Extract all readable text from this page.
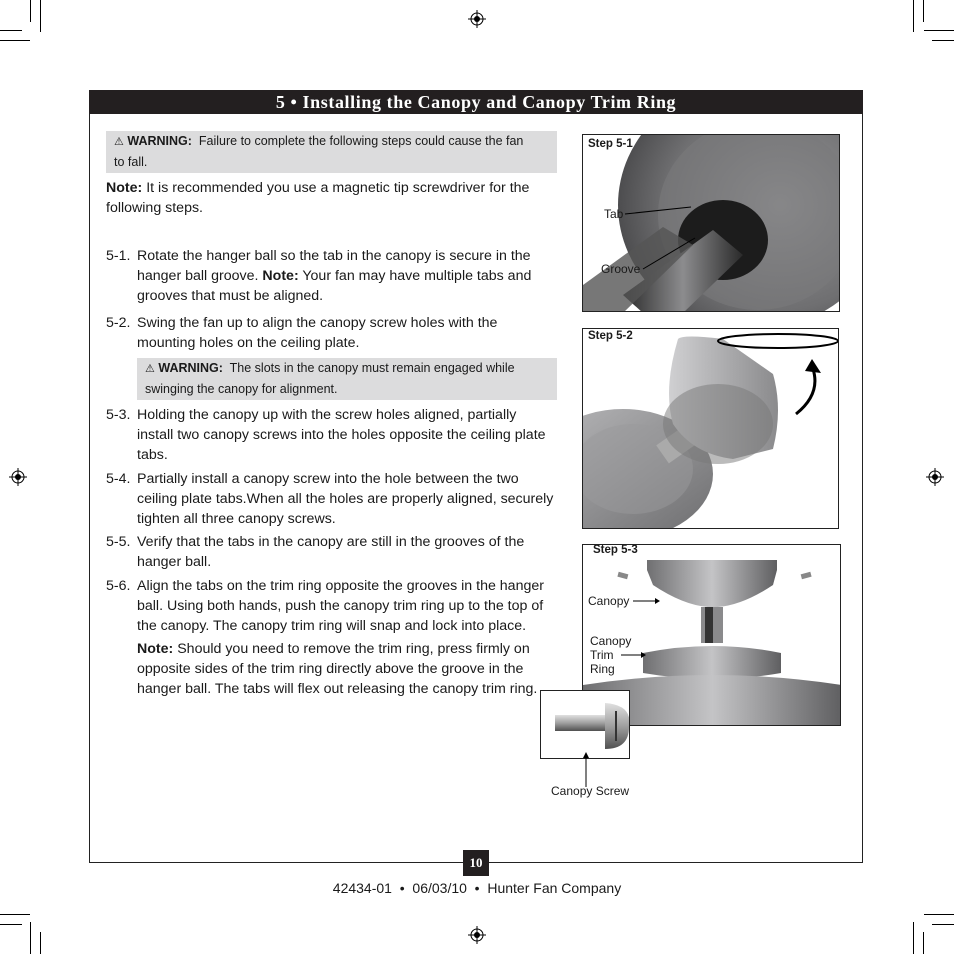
5 • Installing the Canopy and Canopy Trim Ring
⚠ WARNING: Failure to complete the following steps could cause the fan
to fall.
Note: It is recommended you use a magnetic tip screwdriver for the
following steps.
5-1. Rotate the hanger ball so the tab in the canopy is secure in the
hanger ball groove. Note: Your fan may have multiple tabs and
grooves that must be aligned.
5-2. Swing the fan up to align the canopy screw holes with the
mounting holes on the ceiling plate.
⚠ WARNING: The slots in the canopy must remain engaged while
swinging the canopy for alignment.
5-3. Holding the canopy up with the screw holes aligned, partially
install two canopy screws into the holes opposite the ceiling plate
tabs.
5-4. Partially install a canopy screw into the hole between the two
ceiling plate tabs.When all the holes are properly aligned, securely
tighten all three canopy screws.
5-5. Verify that the tabs in the canopy are still in the grooves of the
hanger ball.
5-6. Align the tabs on the trim ring opposite the grooves in the hanger
ball. Using both hands, push the canopy trim ring up to the top of
the canopy. The canopy trim ring will snap and lock into place.
Note: Should you need to remove the trim ring, press firmly on
opposite sides of the trim ring directly above the groove in the
hanger ball. The tabs will flex out releasing the canopy trim ring.
Step 5-1
Tab
Groove
Step 5-2
Step 5-3
Canopy
Canopy
Trim
Ring
Canopy Screw
10
42434-01  •  06/03/10  •  Hunter Fan Company
